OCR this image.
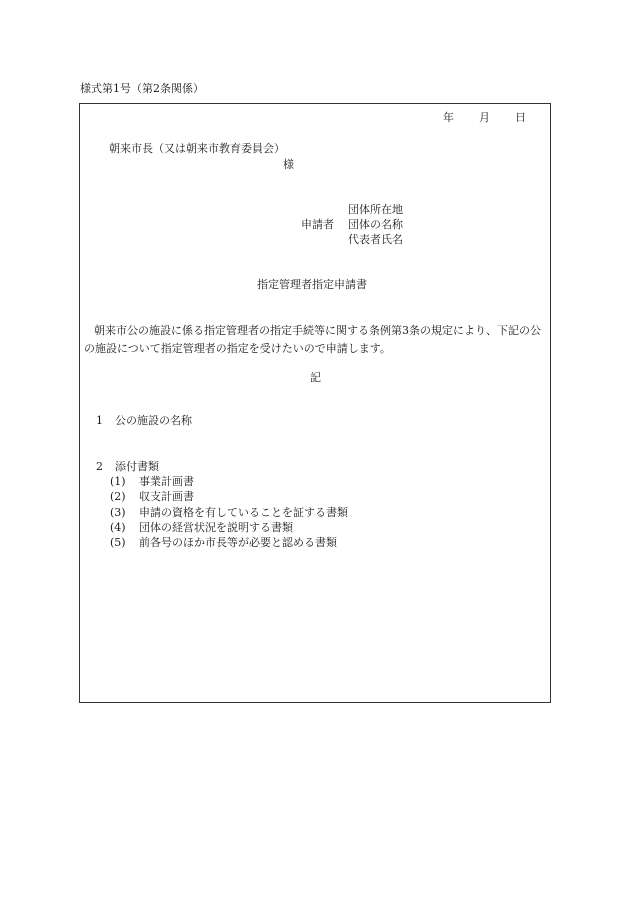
様式第1号（第2条関係）
年 月 日
朝来市長（又は朝来市教育委員会）
様
団体所在地
申請者 団体の名称
代表者氏名
指定管理者指定申請書
朝来市公の施設に係る指定管理者の指定手続等に関する条例第3条の規定により、下記の公の施設について指定管理者の指定を受けたいので申請します。
記
1 公の施設の名称
2 添付書類
(1) 事業計画書
(2) 収支計画書
(3) 申請の資格を有していることを証する書類
(4) 団体の経営状況を説明する書類
(5) 前各号のほか市長等が必要と認める書類
